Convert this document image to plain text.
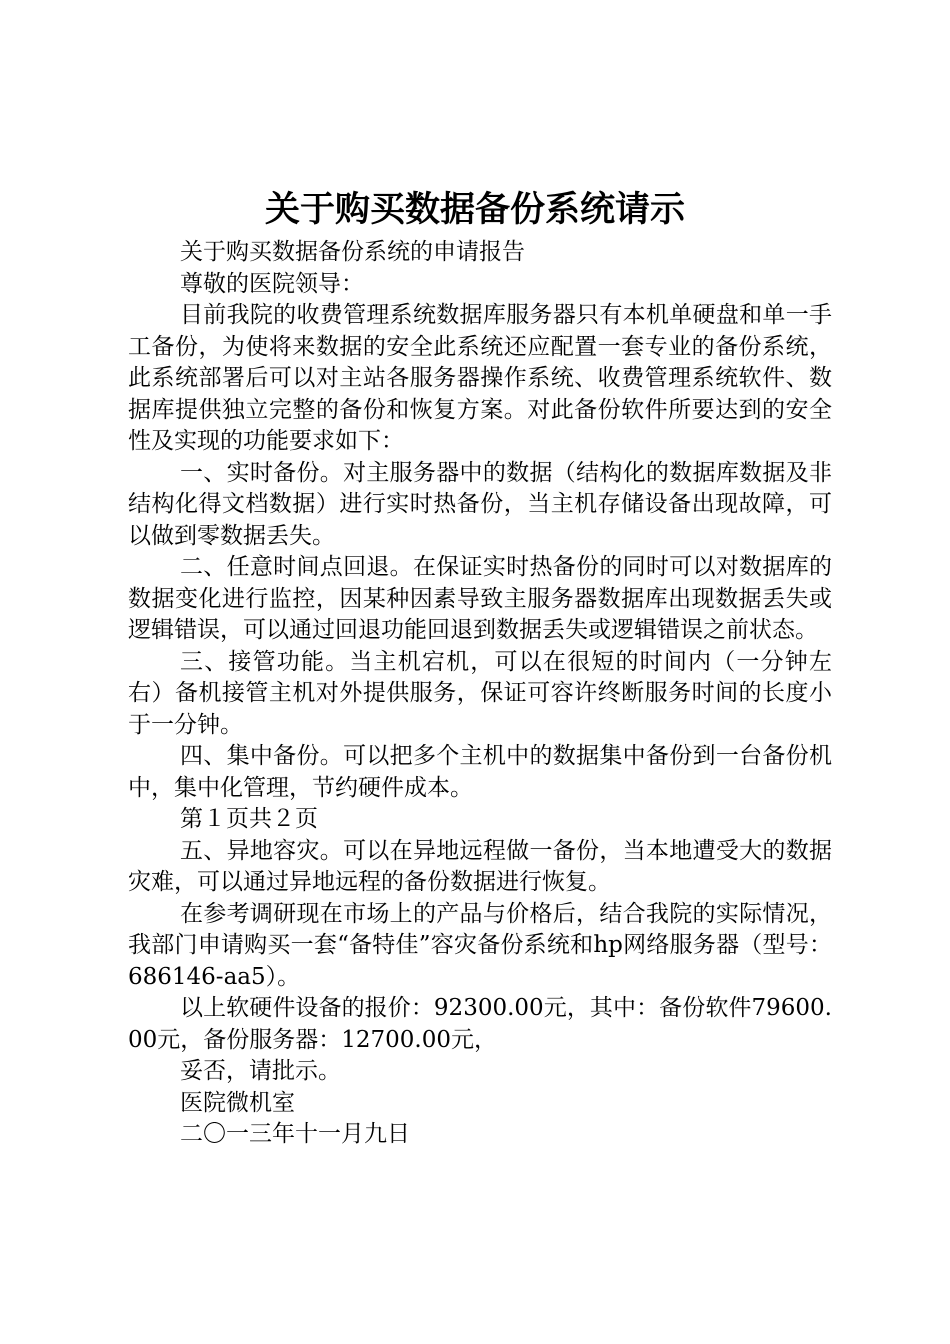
关于购买数据备份系统请示

关于购买数据备份系统的申请报告

尊敬的医院领导：

目前我院的收费管理系统数据库服务器只有本机单硬盘和单一手工备份，为使将来数据的安全此系统还应配置一套专业的备份系统，此系统部署后可以对主站各服务器操作系统、收费管理系统软件、数据库提供独立完整的备份和恢复方案。对此备份软件所要达到的安全性及实现的功能要求如下：

一、实时备份。对主服务器中的数据（结构化的数据库数据及非结构化得文档数据）进行实时热备份，当主机存储设备出现故障，可以做到零数据丢失。

二、任意时间点回退。在保证实时热备份的同时可以对数据库的数据变化进行监控，因某种因素导致主服务器数据库出现数据丢失或逻辑错误，可以通过回退功能回退到数据丢失或逻辑错误之前状态。

三、接管功能。当主机宕机，可以在很短的时间内（一分钟左右）备机接管主机对外提供服务，保证可容许终断服务时间的长度小于一分钟。

四、集中备份。可以把多个主机中的数据集中备份到一台备份机中，集中化管理，节约硬件成本。

第１页共２页

五、异地容灾。可以在异地远程做一备份，当本地遭受大的数据灾难，可以通过异地远程的备份数据进行恢复。

在参考调研现在市场上的产品与价格后，结合我院的实际情况，我部门申请购买一套“备特佳”容灾备份系统和hp网络服务器（型号：686146-aa5）。

以上软硬件设备的报价：92300.00元，其中：备份软件79600.00元，备份服务器：12700.00元，

妥否，请批示。

医院微机室

二〇一三年十一月九日
